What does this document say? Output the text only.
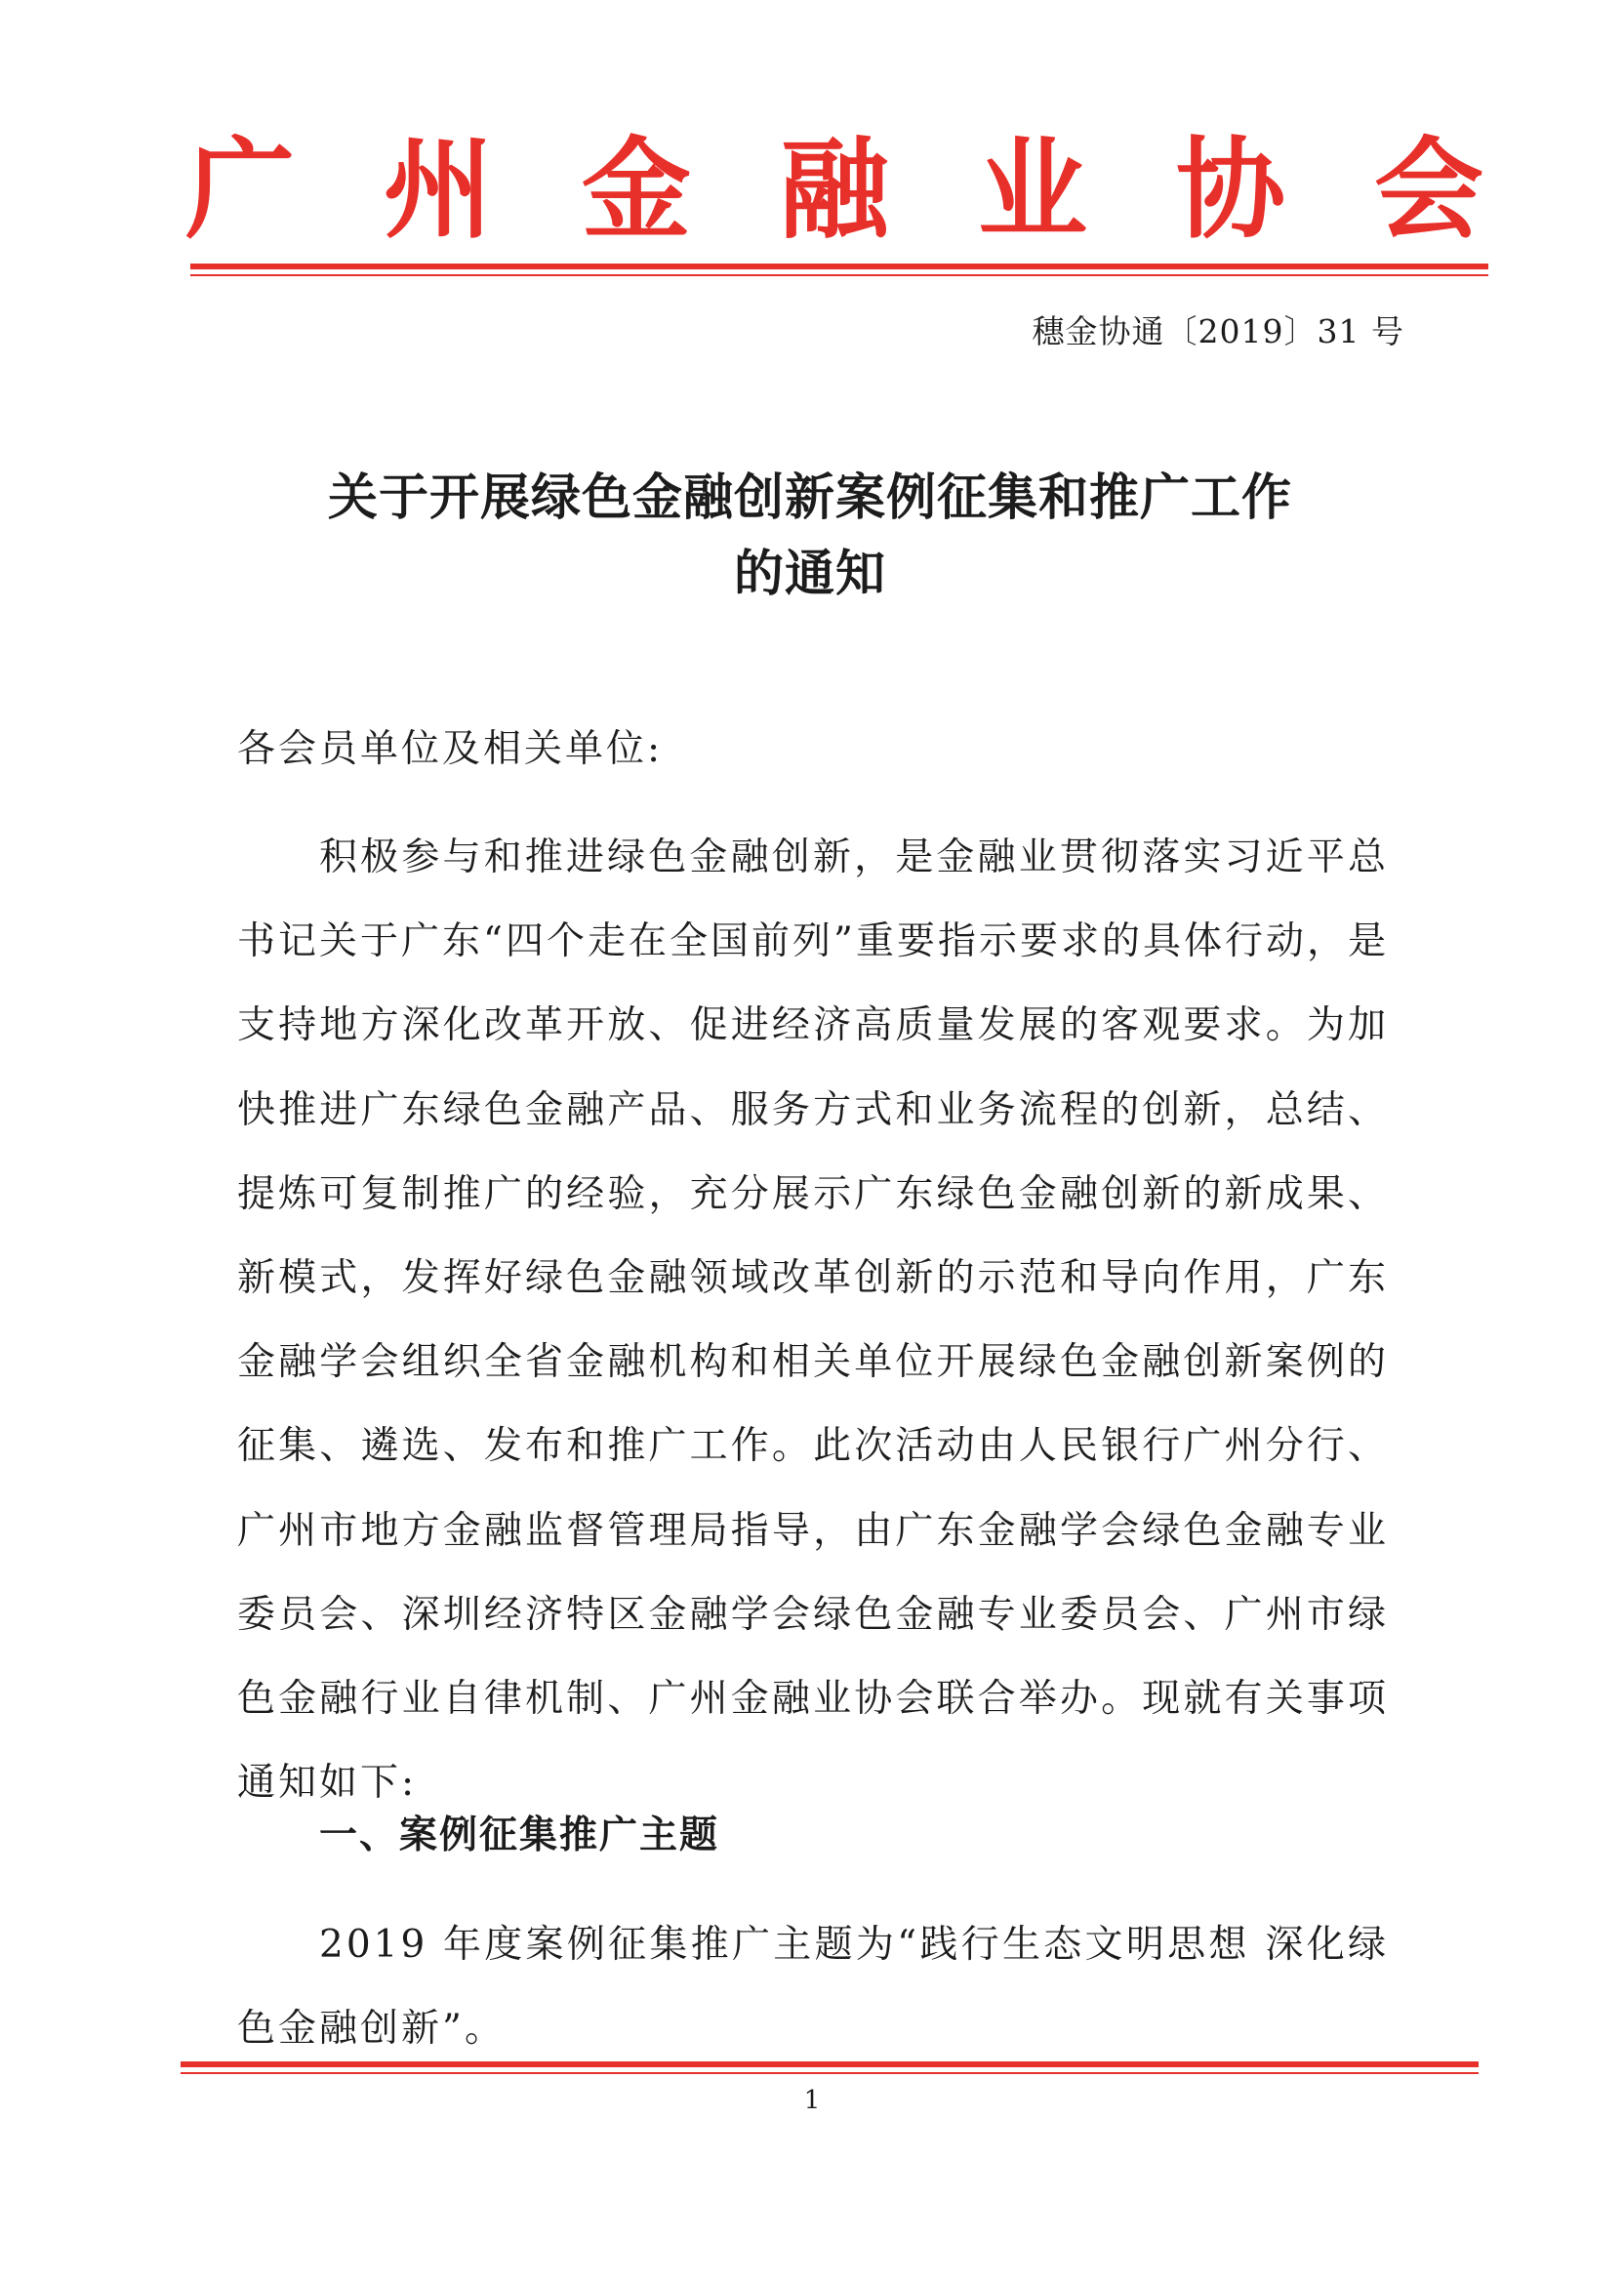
广 州 金 融 业 协 会
穗金协通〔2019〕31 号
关于开展绿色金融创新案例征集和推广工作
的通知
各会员单位及相关单位:

积极参与和推进绿色金融创新，是金融业贯彻落实习近平总书记关于广东“四个走在全国前列”重要指示要求的具体行动，是支持地方深化改革开放、促进经济高质量发展的客观要求。为加快推进广东绿色金融产品、服务方式和业务流程的创新，总结、提炼可复制推广的经验，充分展示广东绿色金融创新的新成果、新模式，发挥好绿色金融领域改革创新的示范和导向作用，广东金融学会组织全省金融机构和相关单位开展绿色金融创新案例的征集、遴选、发布和推广工作。此次活动由人民银行广州分行、广州市地方金融监督管理局指导，由广东金融学会绿色金融专业委员会、深圳经济特区金融学会绿色金融专业委员会、广州市绿色金融行业自律机制、广州金融业协会联合举办。现就有关事项通知如下:

一、案例征集推广主题

2019 年度案例征集推广主题为“践行生态文明思想 深化绿色金融创新”。

1
